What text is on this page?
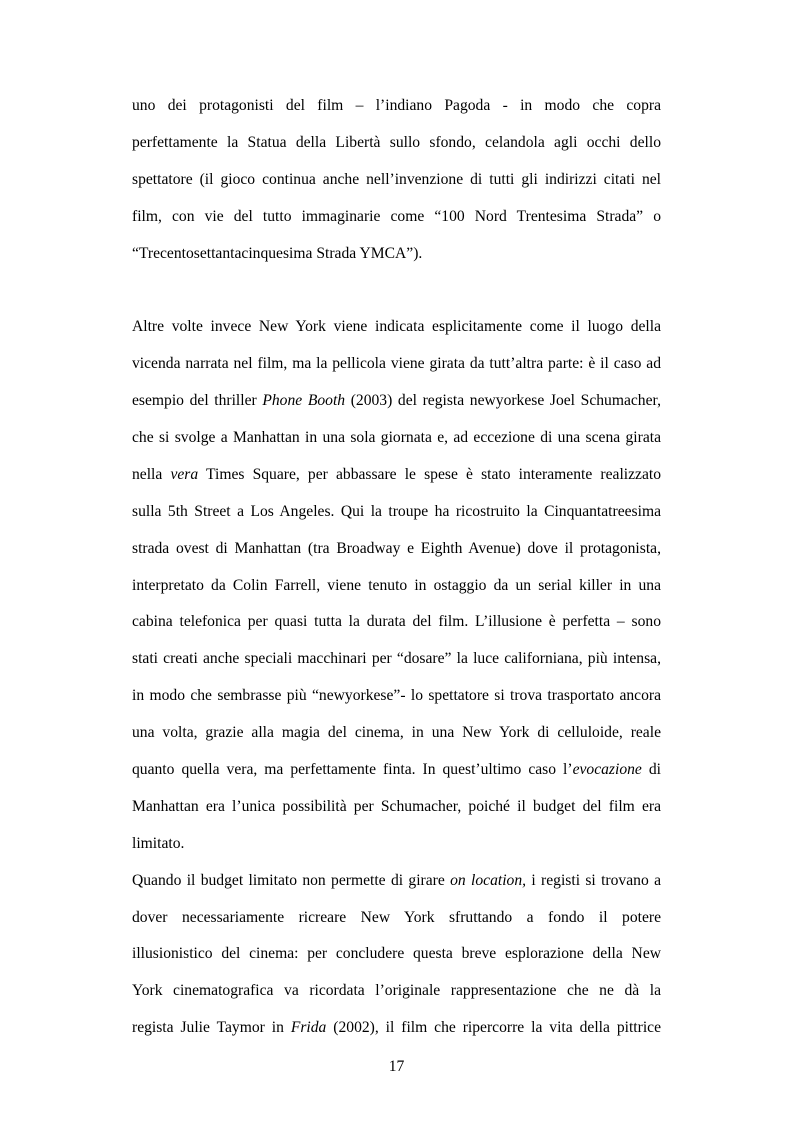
uno dei protagonisti del film – l’indiano Pagoda - in modo che copra
perfettamente la Statua della Libertà sullo sfondo, celandola agli occhi dello
spettatore (il gioco continua anche nell’invenzione di tutti gli indirizzi citati nel
film, con vie del tutto immaginarie come “100 Nord Trentesima Strada” o
“Trecentosettantacinquesima Strada YMCA”).
Altre volte invece New York viene indicata esplicitamente come il luogo della
vicenda narrata nel film, ma la pellicola viene girata da tutt’altra parte: è il caso ad
esempio del thriller Phone Booth (2003) del regista newyorkese Joel Schumacher,
che si svolge a Manhattan in una sola giornata e, ad eccezione di una scena girata
nella vera Times Square, per abbassare le spese è stato interamente realizzato
sulla 5th Street a Los Angeles. Qui la troupe ha ricostruito la Cinquantatreesima
strada ovest di Manhattan (tra Broadway e Eighth Avenue) dove il protagonista,
interpretato da Colin Farrell, viene tenuto in ostaggio da un serial killer in una
cabina telefonica per quasi tutta la durata del film. L’illusione è perfetta – sono
stati creati anche speciali macchinari per “dosare” la luce californiana, più intensa,
in modo che sembrasse più “newyorkese”- lo spettatore si trova trasportato ancora
una volta, grazie alla magia del cinema, in una New York di celluloide, reale
quanto quella vera, ma perfettamente finta. In quest’ultimo caso l’evocazione di
Manhattan era l’unica possibilità per Schumacher, poiché il budget del film era
limitato.
Quando il budget limitato non permette di girare on location, i registi si trovano a
dover necessariamente ricreare New York sfruttando a fondo il potere
illusionistico del cinema: per concludere questa breve esplorazione della New
York cinematografica va ricordata l’originale rappresentazione che ne dà la
regista Julie Taymor in Frida (2002), il film che ripercorre la vita della pittrice
17
